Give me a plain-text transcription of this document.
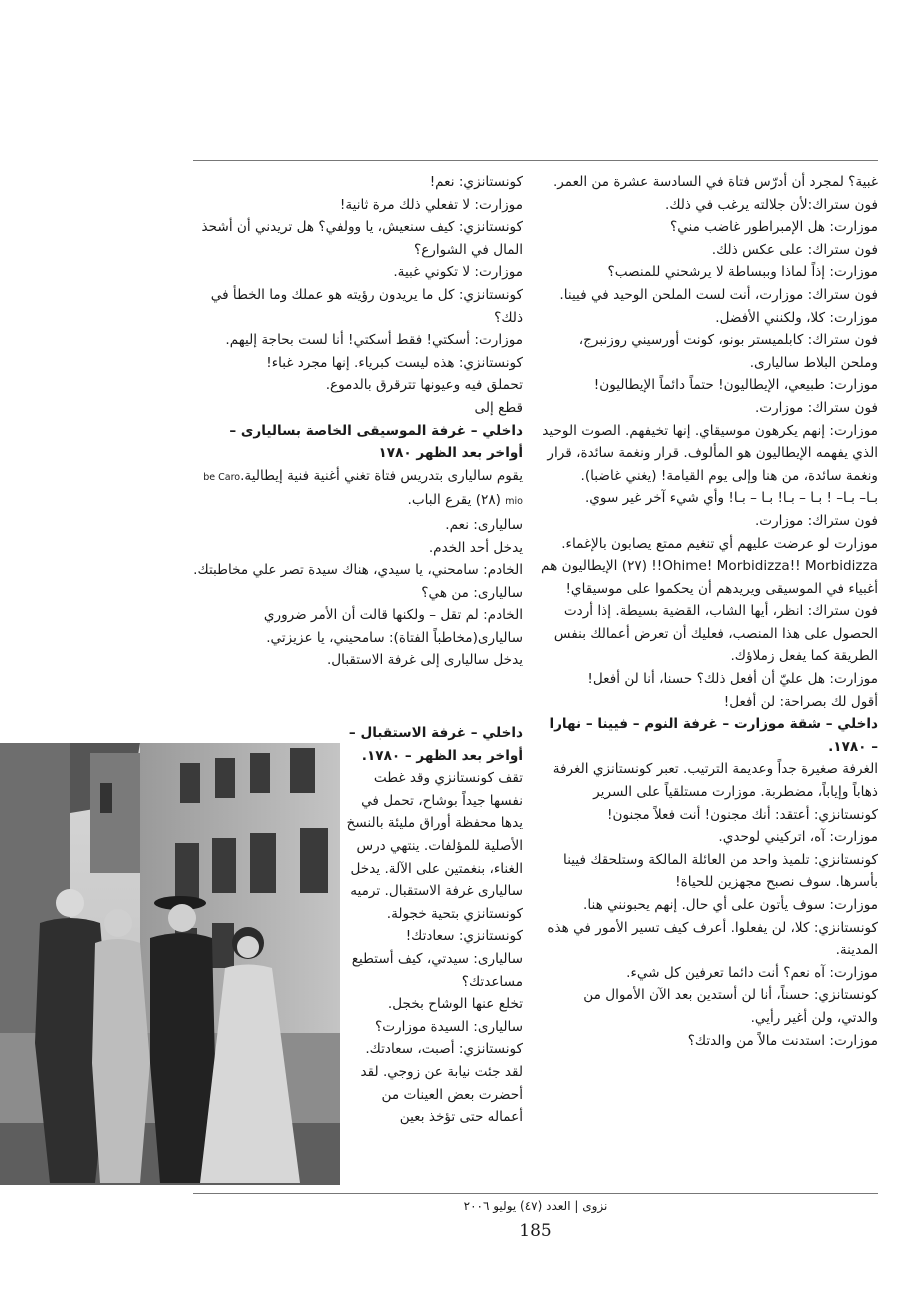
غبية؟ لمجرد أن أدرّس فتاة في السادسة عشرة من العمر.

فون ستراك:لأن جلالته يرغب في ذلك.

موزارت: هل الإمبراطور غاضب مني؟

فون ستراك: على عكس ذلك.

موزارت: إذاً لماذا وببساطة لا يرشحني للمنصب؟

فون ستراك: موزارت، أنت لست الملحن الوحيد في فيينا.

موزارت: كلا، ولكنني الأفضل.

فون ستراك: كابلميستر بونو، كونت أورسيني روزنبرج، وملحن البلاط ساليارى.

موزارت: طبيعي، الإيطاليون! حتماً دائماً الإيطاليون!

فون ستراك: موزارت.

موزارت: إنهم يكرهون موسيقاي. إنها تخيفهم. الصوت الوحيد الذي يفهمه الإيطاليون هو المألوف. قرار ونغمة سائدة، قرار ونغمة سائدة، من هنا وإلى يوم القيامة! (يغني غاضبا).

بـا– بـا– ! بـا – بـا! بـا – بـا! وأي شيء آخر غير سوي.

فون ستراك: موزارت.

موزارت لو عرضت عليهم أي تنغيم ممتع يصابون بالإغماء.

Ohime! Morbidizza!! Morbidizza!! (٢٧) الإيطاليون هم أغبياء في الموسيقى ويريدهم أن يحكموا على موسيقاي!

فون ستراك: انظر، أيها الشاب، القضية بسيطة. إذا أردت الحصول على هذا المنصب، فعليك أن تعرض أعمالك بنفس الطريقة كما يفعل زملاؤك.

موزارت: هل عليّ أن أفعل ذلك؟ حسنا، أنا لن أفعل!

أقول لك بصراحة: لن أفعل!

داخلي – شقة موزارت – غرفة النوم – فيينا – نهارا – ١٧٨٠.

الغرفة صغيرة جداً وعديمة الترتيب. تعبر كونستانزي الغرفة ذهاباً وإياباً، مضطربة. موزارت مستلقياً على السرير

كونستانزي: أعتقد: أنك مجنون! أنت فعلاً مجنون!

موزارت: آه، اتركيني لوحدي.

كونستانزي: تلميذ واحد من العائلة المالكة وستلحقك فيينا بأسرها. سوف نصبح مجهزين للحياة!

موزارت: سوف يأتون على أي حال. إنهم يحبونني هنا.

كونستانزي: كلا، لن يفعلوا. أعرف كيف تسير الأمور في هذه المدينة.

موزارت: آه نعم؟ أنت دائما تعرفين كل شيء.

كونستانزي: حسناً، أنا لن أستدين بعد الآن الأموال من والدتي، ولن أغير رأيي.

موزارت: استدنت مالاً من والدتك؟

كونستانزي: نعم!

موزارت: لا تفعلي ذلك مرة ثانية!

كونستانزي: كيف سنعيش، يا وولفي؟ هل تريدني أن أشحذ المال في الشوارع؟

موزارت: لا تكوني غبية.

كونستانزي: كل ما يريدون رؤيته هو عملك وما الخطأ في ذلك؟

موزارت: أسكتي! فقط أسكتي! أنا لست بحاجة إليهم.

كونستانزي: هذه ليست كبرياء. إنها مجرد غباء!

تحملق فيه وعيونها تترقرق بالدموع.

قطع إلى

داخلي – غرفة الموسيقى الخاصة بساليارى – أواخر بعد الظهر ١٧٨٠

يقوم ساليارى بتدريس فتاة تغني أغنية فنية إيطالية.be Caro mio (٢٨) يقرع الباب.

ساليارى: نعم.

يدخل أحد الخدم.

الخادم: سامحني، يا سيدي، هناك سيدة تصر علي مخاطبتك.

ساليارى: من هي؟

الخادم: لم تقل – ولكنها قالت أن الأمر ضروري

ساليارى(مخاطباً الفتاة): سامحيني، يا عزيزتي.

يدخل ساليارى إلى غرفة الاستقبال.

داخلي – غرفة الاستقبال – أواخر بعد الظهر – ١٧٨٠.

تقف كونستانزي وقد غطت نفسها جيداً بوشاح، تحمل في يدها محفظة أوراق مليئة بالنسخ الأصلية للمؤلفات. ينتهي درس الغناء، بنغمتين على الآلة. يدخل ساليارى غرفة الاستقبال. ترميه كونستانزي بتحية خجولة.

كونستانزي: سعادتك!

ساليارى: سيدتي، كيف أستطيع مساعدتك؟

تخلع عنها الوشاح بخجل.

ساليارى: السيدة موزارت؟

كونستانزي: أصبت، سعادتك. لقد جئت نيابة عن زوجي. لقد أحضرت بعض العينات من أعماله حتى تؤخذ بعين

نزوى | العدد (٤٧) يوليو ٢٠٠٦
185
